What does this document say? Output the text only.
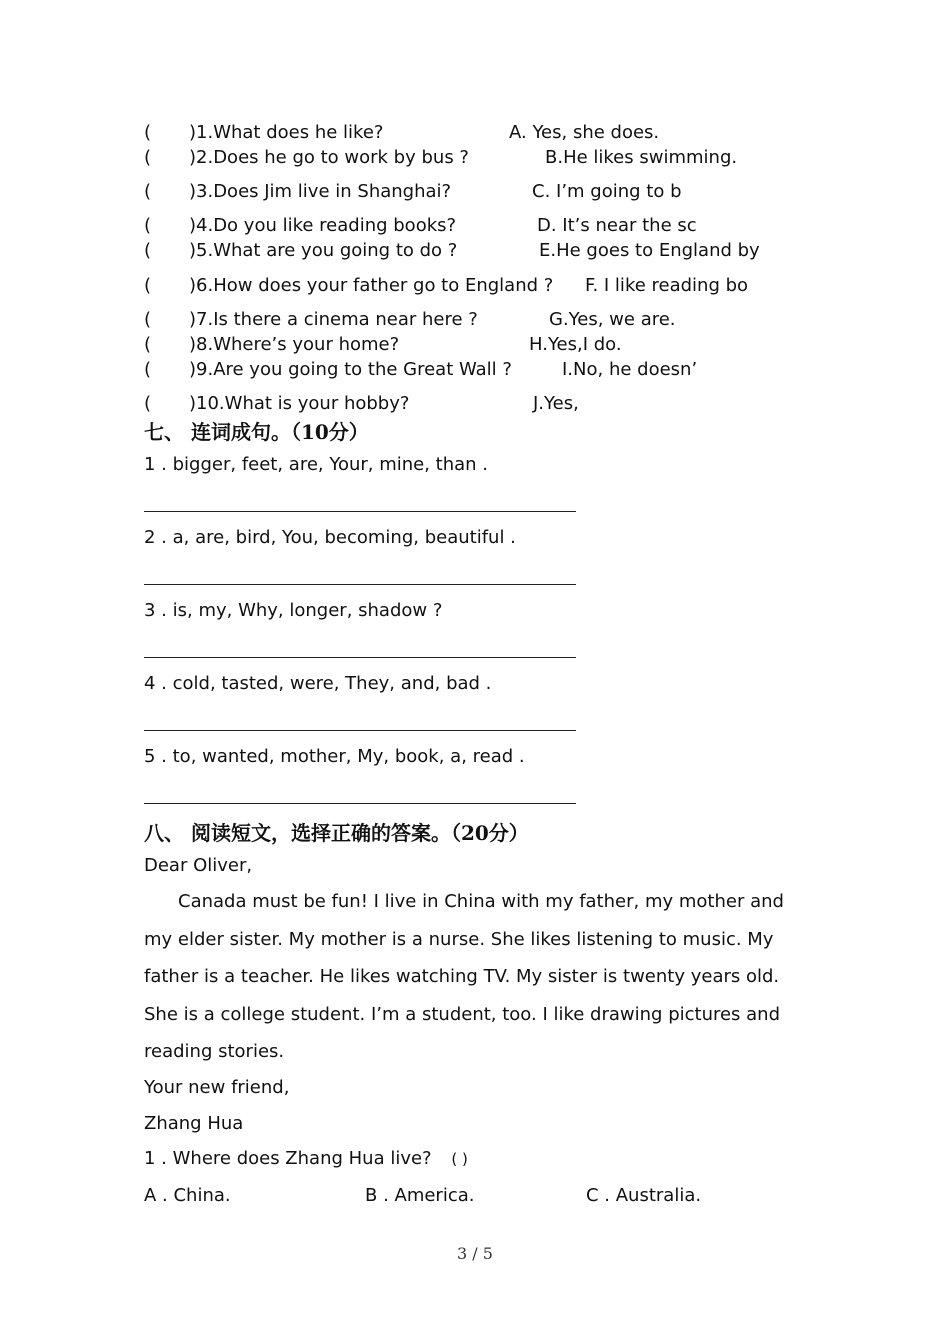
( )1.What does he like?	A. Yes, she does.
( )2.Does he go to work by bus ?	B.He likes swimming.
( )3.Does Jim live in Shanghai?	C. I’m going to b
( )4.Do you like reading books?	D. It’s near the sc
( )5.What are you going to do ?	E.He goes to England by
( )6.How does your father go to England ? F. I like reading bo
( )7.Is there a cinema near here ?	G.Yes, we are.
( )8.Where’s your home?	H.Yes,I do.
( )9.Are you going to the Great Wall ?	I.No, he doesn’
( )10.What is your hobby?	J.Yes,
七、 连词成句。（10分）
1 . bigger, feet, are, Your, mine, than .
2 . a, are, bird, You, becoming, beautiful .
3 . is, my, Why, longer, shadow ?
4 . cold, tasted, were, They, and, bad .
5 . to, wanted, mother, My, book, a, read .
八、 阅读短文，选择正确的答案。（20分）
Dear Oliver,
Canada must be fun! I live in China with my father, my mother and my elder sister. My mother is a nurse. She likes listening to music. My father is a teacher. He likes watching TV. My sister is twenty years old. She is a college student. I’m a student, too. I like drawing pictures and reading stories.
Your new friend,
Zhang Hua
1 . Where does Zhang Hua live? ( )
A . China.	B . America.	C . Australia.
3 / 5
